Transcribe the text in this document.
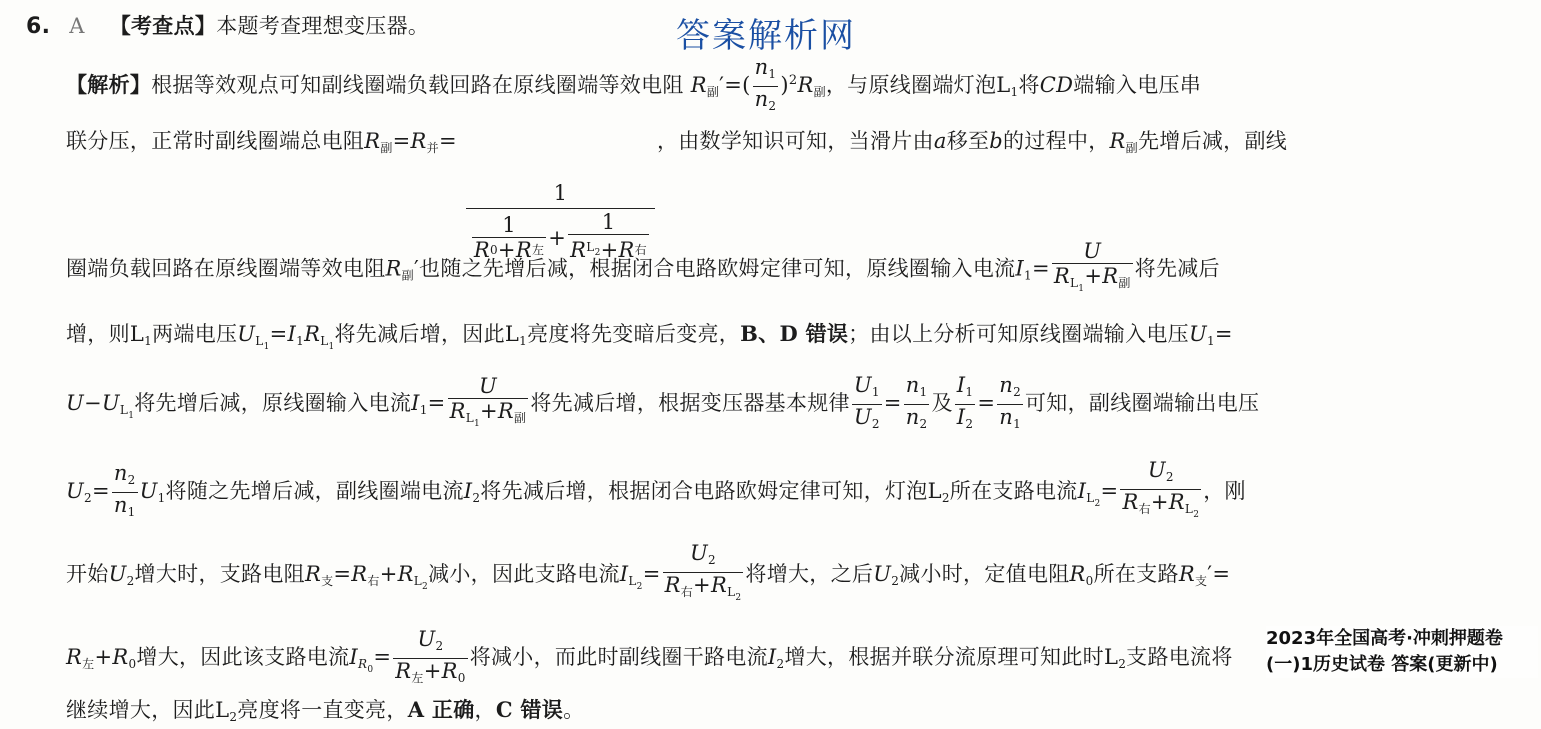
答案解析网
6. A 【考查点】本题考查理想变压器。
【解析】根据等效观点可知副线圈端负载回路在原线圈端等效电阻 $R_副'=( \frac{n_1}{n_2} )^2R_副$，与原线圈端灯泡$L_1$将CD端输入电压串
联分压，正常时副线圈端总电阻$R_副=R_并=$
$\frac{1}{\frac{1}{\text{R 0 + R 左}} + \frac{1}{R L_2 + R 右}}$
，由数学知识可知，当滑片由a移至b的过程中，$R_副$先增后减，副线
圈端负载回路在原线圈端等效电阻$R_副'$也随之先增后减，根据闭合电路欧姆定律可知，原线圈输入电流$I_1= \frac{U}{R_{L_1}+R_副}$ 将先减后
增，则$L_1$两端电压$U_{L_1}=I_1R_{L_1}$将先减后增，因此$L_1$亮度将先变暗后变亮，B、D 错误；由以上分析可知原线圈端输入电压$U_1=$
$U-U_{L_1}$将先增后减，原线圈输入电流$I_1= \frac{U}{R_{L_1}+R_副}$ 将先减后增，根据变压器基本规律 $\frac{U_1}{U_2} = \frac{n_1}{n_2}$ 及 $\frac{I_1}{I_2} = \frac{n_2}{n_1}$ 可知，副线圈端输出电压
$U_2= \frac{n_2}{n_1} U_1$将随之先增后减，副线圈端电流$I_2$将先减后增，根据闭合电路欧姆定律可知，灯泡$L_2$所在支路电流$I_{L_2}= \frac{U_2}{R_右+R_{L_2}}$ ，刚
开始$U_2$增大时，支路电阻$R_支=R_右+R_{L_2}$减小，因此支路电流$I_{L_2}= \frac{U_2}{R_右+R_{L_2}}$ 将增大，之后$U_2$减小时，定值电阻$R_0$所在支路$R_支'=$
$R_左+R_0$增大，因此该支路电流$I_{R_0}= \frac{U_2}{R_左+R_0}$ 将减小，而此时副线圈干路电流$I_2$增大，根据并联分流原理可知此时$L_2$支路电流将
继续增大，因此$L_2$亮度将一直变亮，A 正确，C 错误。
2023年全国高考·冲刺押题卷(一)1历史试卷 答案(更新中)
